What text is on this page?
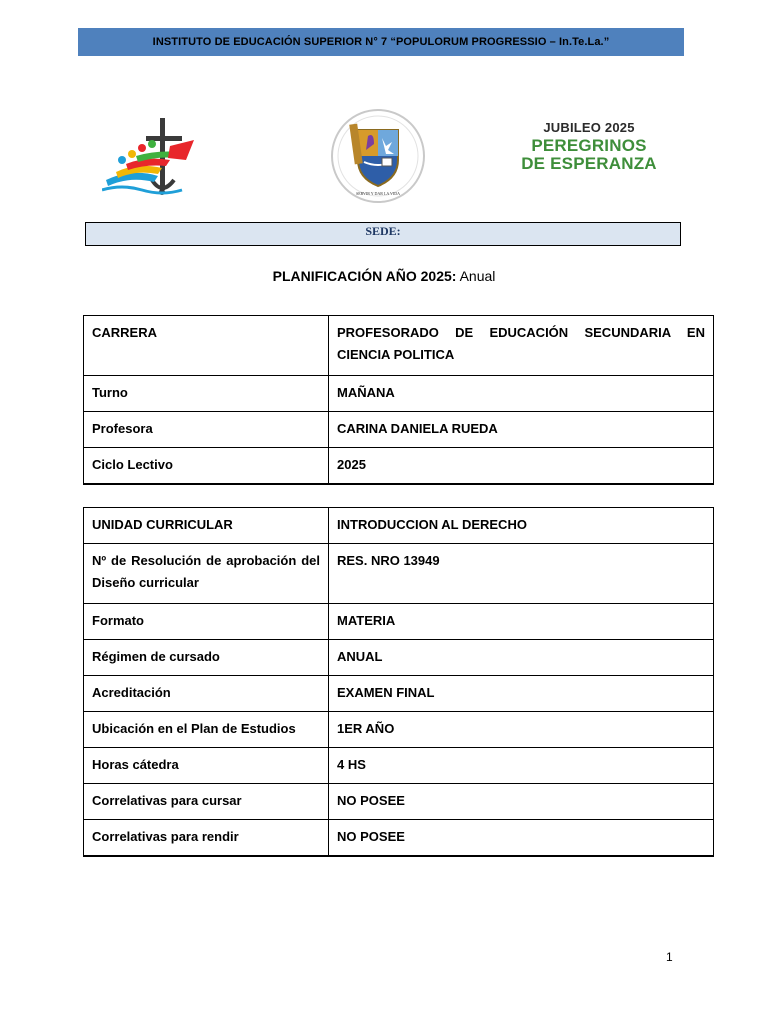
INSTITUTO DE EDUCACIÓN SUPERIOR N° 7 “POPULORUM PROGRESSIO – In.Te.La.”
SERVIR Y DAR LA VIDA
JUBILEO 2025
PEREGRINOS
DE ESPERANZA
SEDE:
PLANIFICACIÓN AÑO 2025: Anual
CARRERA	PROFESORADO DE EDUCACIÓN SECUNDARIA EN CIENCIA POLITICA
Turno	MAÑANA
Profesora	CARINA DANIELA RUEDA
Ciclo Lectivo	2025
UNIDAD CURRICULAR	INTRODUCCION AL DERECHO
Nº de Resolución de aprobación del Diseño curricular	RES. NRO 13949
Formato	MATERIA
Régimen de cursado	ANUAL
Acreditación	EXAMEN FINAL
Ubicación en el Plan de Estudios	1ER AÑO
Horas cátedra	4 HS
Correlativas para cursar	NO POSEE
Correlativas para rendir	NO POSEE
1
